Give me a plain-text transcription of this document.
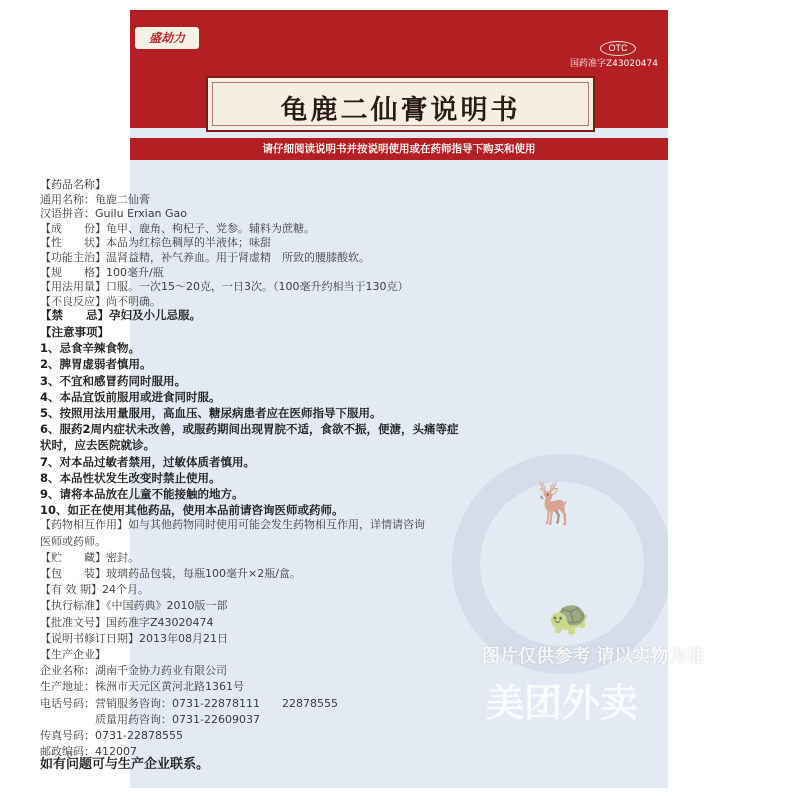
盛劫力
OTC
国药准字Z43020474
龟鹿二仙膏说明书
请仔细阅读说明书并按说明使用或在药师指导下购买和使用
🦌
🐢
【药品名称】
通用名称：龟鹿二仙膏
汉语拼音：Guilu Erxian Gao
【成　　份】龟甲、鹿角、枸杞子、党参。辅料为蔗糖。
【性　　状】本品为红棕色稠厚的半液体；味甜
【功能主治】温肾益精，补气养血。用于肾虚精　所致的腰膝酸软。
【规　　格】100毫升/瓶
【用法用量】口服。一次15～20克，一日3次。（100毫升约相当于130克）
【不良反应】尚不明确。
【禁　　忌】孕妇及小儿忌服。
【注意事项】
1、忌食辛辣食物。
2、脾胃虚弱者慎用。
3、不宜和感冒药同时服用。
4、本品宜饭前服用或进食同时服。
5、按照用法用量服用，高血压、糖尿病患者应在医师指导下服用。
6、服药2周内症状未改善，或服药期间出现胃脘不适，食欲不振，便溏，头痛等症
状时，应去医院就诊。
7、对本品过敏者禁用，过敏体质者慎用。
8、本品性状发生改变时禁止使用。
9、请将本品放在儿童不能接触的地方。
10、如正在使用其他药品，使用本品前请咨询医师或药师。
【药物相互作用】如与其他药物同时使用可能会发生药物相互作用，详情请咨询
医师或药师。
【贮　　藏】密封。
【包　　装】玻璃药品包装，每瓶100毫升×2瓶/盒。
【有 效 期】24个月。
【执行标准】《中国药典》2010版一部
【批准文号】国药准字Z43020474
【说明书修订日期】2013年08月21日
【生产企业】
企业名称：湖南千金协力药业有限公司
生产地址：株洲市天元区黄河北路1361号
电话号码：营销服务咨询：0731-22878111　　22878555
　　　　　质量用药咨询：0731-22609037
传真号码：0731-22878555
邮政编码：412007
如有问题可与生产企业联系。
图片仅供参考 请以实物为准
美团外卖
